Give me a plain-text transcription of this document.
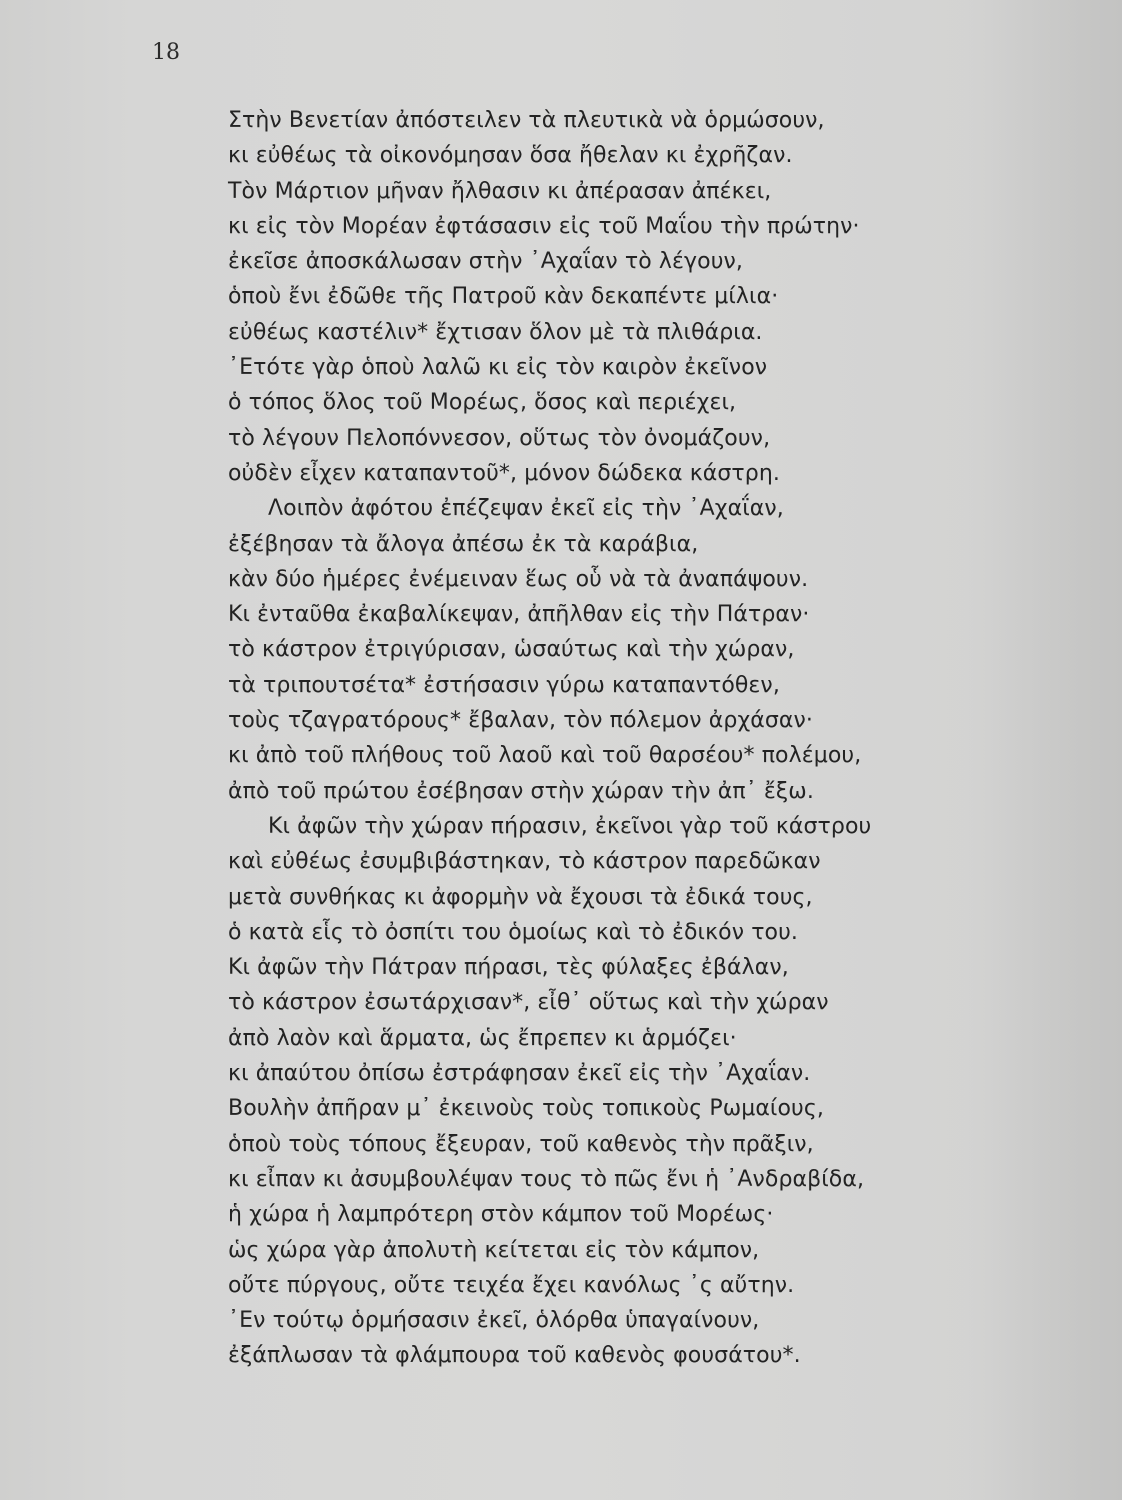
18
Στὴν Βενετίαν ἀπόστειλεν τὰ πλευτικὰ νὰ ὁρμώσουν,
κι εὐθέως τὰ οἰκονόμησαν ὅσα ἤθελαν κι ἐχρῆζαν.
Τὸν Μάρτιον μῆναν ἤλθασιν κι ἀπέρασαν ἀπέκει,
κι εἰς τὸν Μορέαν ἐφτάσασιν εἰς τοῦ Μαΐου τὴν πρώτην·
ἐκεῖσε ἀποσκάλωσαν στὴν ᾿Αχαΐαν τὸ λέγουν,
ὁποὺ ἔνι ἐδῶθε τῆς Πατροῦ κὰν δεκαπέντε μίλια·
εὐθέως καστέλιν* ἔχτισαν ὅλον μὲ τὰ πλιθάρια.
᾿Ετότε γὰρ ὁποὺ λαλῶ κι εἰς τὸν καιρὸν ἐκεῖνον
ὁ τόπος ὅλος τοῦ Μορέως, ὅσος καὶ περιέχει,
τὸ λέγουν Πελοπόννεσον, οὕτως τὸν ὀνομάζουν,
οὐδὲν εἶχεν καταπαντοῦ*, μόνον δώδεκα κάστρη.
Λοιπὸν ἀφότου ἐπέζεψαν ἐκεῖ εἰς τὴν ᾿Αχαΐαν,
ἐξέβησαν τὰ ἄλογα ἀπέσω ἐκ τὰ καράβια,
κὰν δύο ἡμέρες ἐνέμειναν ἕως οὗ νὰ τὰ ἀναπάψουν.
Κι ἐνταῦθα ἐκαβαλίκεψαν, ἀπῆλθαν εἰς τὴν Πάτραν·
τὸ κάστρον ἐτριγύρισαν, ὡσαύτως καὶ τὴν χώραν,
τὰ τριπουτσέτα* ἐστήσασιν γύρω καταπαντόθεν,
τοὺς τζαγρατόρους* ἔβαλαν, τὸν πόλεμον ἀρχάσαν·
κι ἀπὸ τοῦ πλήθους τοῦ λαοῦ καὶ τοῦ θαρσέου* πολέμου,
ἀπὸ τοῦ πρώτου ἐσέβησαν στὴν χώραν τὴν ἀπ᾿ ἔξω.
Κι ἀφῶν τὴν χώραν πήρασιν, ἐκεῖνοι γὰρ τοῦ κάστρου
καὶ εὐθέως ἐσυμβιβάστηκαν, τὸ κάστρον παρεδῶκαν
μετὰ συνθήκας κι ἀφορμὴν νὰ ἔχουσι τὰ ἐδικά τους,
ὁ κατὰ εἷς τὸ ὀσπίτι του ὁμοίως καὶ τὸ ἐδικόν του.
Κι ἀφῶν τὴν Πάτραν πήρασι, τὲς φύλαξες ἐβάλαν,
τὸ κάστρον ἐσωτάρχισαν*, εἶθ᾿ οὕτως καὶ τὴν χώραν
ἀπὸ λαὸν καὶ ἅρματα, ὡς ἔπρεπεν κι ἁρμόζει·
κι ἀπαύτου ὀπίσω ἐστράφησαν ἐκεῖ εἰς τὴν ᾿Αχαΐαν.
Βουλὴν ἀπῆραν μ᾿ ἐκεινοὺς τοὺς τοπικοὺς Ρωμαίους,
ὁποὺ τοὺς τόπους ἔξευραν, τοῦ καθενὸς τὴν πρᾶξιν,
κι εἶπαν κι ἀσυμβουλέψαν τους τὸ πῶς ἔνι ἡ ᾿Ανδραβίδα,
ἡ χώρα ἡ λαμπρότερη στὸν κάμπον τοῦ Μορέως·
ὡς χώρα γὰρ ἀπολυτὴ κείτεται εἰς τὸν κάμπον,
οὔτε πύργους, οὔτε τειχέα ἔχει κανόλως ᾿ς αὔτην.
᾿Εν τούτῳ ὁρμήσασιν ἐκεῖ, ὁλόρθα ὑπαγαίνουν,
ἐξάπλωσαν τὰ φλάμπουρα τοῦ καθενὸς φουσάτου*.
